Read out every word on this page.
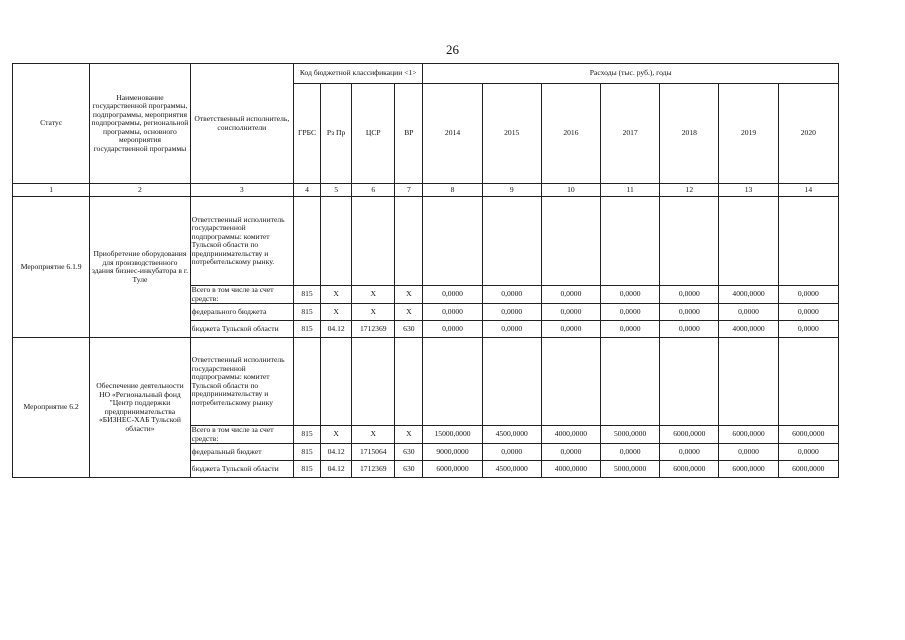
26
Статус	Наименование государственной программы, подпрограммы, мероприятия подпрограммы, региональной программы, основного мероприятия государственной программы	Ответственный исполнитель, соисполнители	Код бюджетной классификации <1>				Расходы (тыс. руб.), годы						
			ГРБС	Рз Пр	ЦСР	ВР	2014	2015	2016	2017	2018	2019	2020
1	2	3	4	5	6	7	8	9	10	11	12	13	14
Мероприятие 6.1.9	Приобретение оборудования для производственного здания бизнес-инкубатора в г. Туле	Ответственный исполнитель государственной подпрограммы: комитет Тульской области по предпринимательству и потребительскому рынку.											
		Всего в том числе за счет средств:	815	X	X	X	0,0000	0,0000	0,0000	0,0000	0,0000	4000,0000	0,0000
		федерального бюджета	815	X	X	X	0,0000	0,0000	0,0000	0,0000	0,0000	0,0000	0,0000
		бюджета Тульской области	815	04.12	1712369	630	0,0000	0,0000	0,0000	0,0000	0,0000	4000,0000	0,0000
Мероприятие 6.2	Обеспечение деятельности НО «Региональный фонд "Центр поддержки предпринимательства «БИЗНЕС-ХАБ Тульской области»	Ответственный исполнитель государственной подпрограммы: комитет Тульской области по предпринимательству и потребительскому рынку											
		Всего в том числе за счет средств:	815	X	X	X	15000,0000	4500,0000	4000,0000	5000,0000	6000,0000	6000,0000	6000,0000
		федеральный бюджет	815	04.12	1715064	630	9000,0000	0,0000	0,0000	0,0000	0,0000	0,0000	0,0000
		бюджета Тульской области	815	04.12	1712369	630	6000,0000	4500,0000	4000,0000	5000,0000	6000,0000	6000,0000	6000,0000
